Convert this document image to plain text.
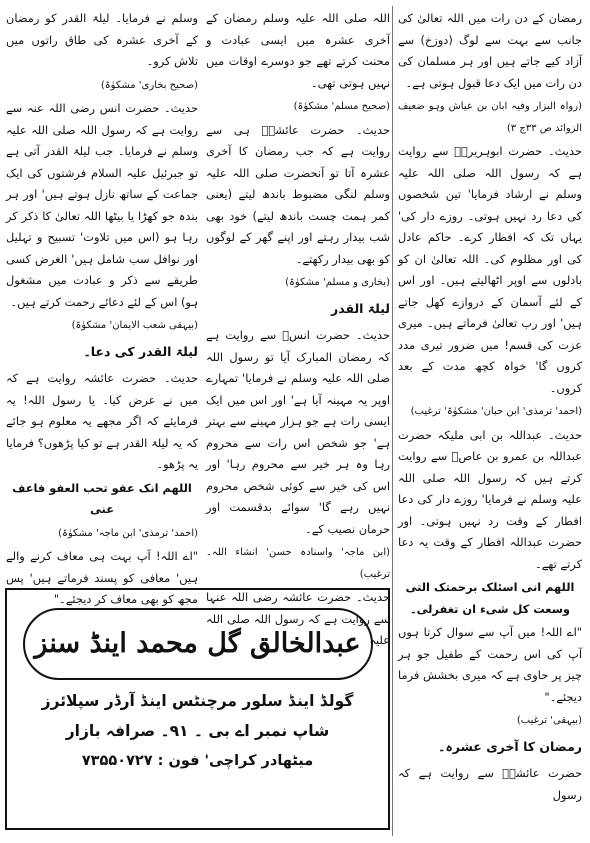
رمضان کے دن رات میں اللہ تعالیٰ کی جانب سے بہت سے لوگ (دوزخ) سے آزاد کیے جاتے ہیں اور ہر مسلمان کی دن رات میں ایک دعا قبول ہوتی ہے۔

(رواہ البزار وفیہ ابان بن عیاش وہو ضعیف الزوائد ص ۳۳ج ۳)

حدیث۔ حضرت ابوہریرہؓ سے روایت ہے کہ رسول اللہ صلی اللہ علیہ وسلم نے ارشاد فرمایا' تین شخصوں کی دعا رد نہیں ہوتی۔ روزے دار کی' یہاں تک کہ افطار کرے۔ حاکم عادل کی اور مظلوم کی۔ اللہ تعالیٰ ان کو بادلوں سے اوپر اٹھالیتے ہیں۔ اور اس کے لئے آسمان کے دروازے کھل جاتے ہیں' اور رب تعالیٰ فرماتے ہیں۔ میری عزت کی قسم! میں ضرور تیری مدد کروں گا' خواہ کچھ مدت کے بعد کروں۔

(احمد' ترمذی' ابن حبان' مشکوٰۃ' ترغیب)

حدیث۔ عبداللہ بن ابی ملیکہ حضرت عبداللہ بن عمرو بن عاصؓ سے روایت کرتے ہیں کہ رسول اللہ صلی اللہ علیہ وسلم نے فرمایا' روزے دار کی دعا افطار کے وقت رد نہیں ہوتی۔ اور حضرت عبداللہ افطار کے وقت یہ دعا کرتے تھے۔

اللھم انی اسئلک برحمتک التی وسعت کل شیء ان تغفرلی۔

"اے اللہ! میں آپ سے سوال کرتا ہوں آپ کی اس رحمت کے طفیل جو ہر چیز پر حاوی ہے کہ میری بخشش فرما دیجئے۔"

(بیہقی' ترغیب)

رمضان کا آخری عشرہ۔

حضرت عائشہؓ سے روایت ہے کہ رسول

اللہ صلی اللہ علیہ وسلم رمضان کے آخری عشرہ میں ایسی عبادت و محنت کرتے تھے جو دوسرے اوقات میں نہیں ہوتی تھی۔

(صحیح مسلم' مشکوٰۃ)

حدیث۔ حضرت عائشہؓ ہی سے روایت ہے کہ جب رمضان کا آخری عشرہ آتا تو آنحضرت صلی اللہ علیہ وسلم لنگی مضبوط باندھ لیتے (یعنی کمر ہمت چست باندھ لیتے) خود بھی شب بیدار رہتے اور اپنے گھر کے لوگوں کو بھی بیدار رکھتے۔

(بخاری و مسلم' مشکوٰۃ)

لیلۃ القدر

حدیث۔ حضرت انسؓ سے روایت ہے کہ رمضان المبارک آیا تو رسول اللہ صلی اللہ علیہ وسلم نے فرمایا' تمہارے اوپر یہ مہینہ آیا ہے' اور اس میں ایک ایسی رات ہے جو ہزار مہینے سے بہتر ہے' جو شخص اس رات سے محروم رہا وہ ہر خیر سے محروم رہا' اور اس کی خیر سے کوئی شخص محروم نہیں رہے گا' سوائے بدقسمت اور حرمان نصیب کے۔

(ابن ماجہ' واسنادہ حسن' انشاء اللہ۔ ترغیب)

حدیث۔ حضرت عائشہ رضی اللہ عنہا سے روایت ہے کہ رسول اللہ صلی اللہ علیہ

وسلم نے فرمایا۔ لیلۃ القدر کو رمضان کے آخری عشرہ کی طاق راتوں میں تلاش کرو۔

(صحیح بخاری' مشکوٰۃ)

حدیث۔ حضرت انس رضی اللہ عنہ سے روایت ہے کہ رسول اللہ صلی اللہ علیہ وسلم نے فرمایا۔ جب لیلۃ القدر آتی ہے تو جبرئیل علیہ السلام فرشتوں کی ایک جماعت کے ساتھ نازل ہوتے ہیں' اور ہر بندہ جو کھڑا یا بیٹھا اللہ تعالیٰ کا ذکر کر رہا ہو (اس میں تلاوت' تسبیح و تہلیل اور نوافل سب شامل ہیں' الغرض کسی طریقے سے ذکر و عبادت میں مشغول ہو) اس کے لئے دعائے رحمت کرتے ہیں۔

(بیہقی شعب الایمان' مشکوٰۃ)

لیلۃ القدر کی دعا۔

حدیث۔ حضرت عائشہ روایت ہے کہ میں نے عرض کیا۔ یا رسول اللہ! یہ فرمایئے کہ اگر مجھے یہ معلوم ہو جائے کہ یہ لیلۃ القدر ہے تو کیا پڑھوں؟ فرمایا یہ پڑھو۔

اللھم انک عفو تحب العفو فاعف عنی

(احمد' ترمذی' ابن ماجہ' مشکوٰۃ)

"اے اللہ! آپ بہت ہی معاف کرنے والے ہیں' معافی کو پسند فرماتے ہیں' پس مجھ کو بھی معاف کر دیجئے۔"

عبدالخالق گل محمد اینڈ سنز
گولڈ اینڈ سلور مرچنٹس اینڈ آرڈر سپلائرز
شاپ نمبر اے بی ۔ ۹۱۔ صرافہ بازار
میٹھادر کراچی' فون : ۷۳۵۵۰۷۲۷
